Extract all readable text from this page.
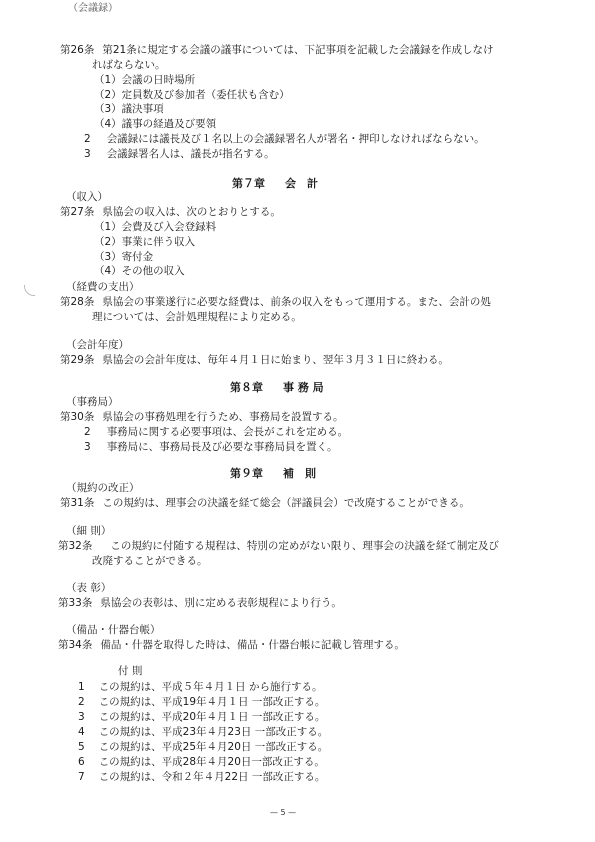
（会議録）
第26条 第21条に規定する会議の議事については、下記事項を記載した会議録を作成しなけ
ればならない。
（1）会議の日時場所
（2）定員数及び参加者（委任状も含む）
（3）議決事項
（4）議事の経過及び要領
2 会議録には議長及び１名以上の会議録署名人が署名・押印しなければならない。
3 会議録署名人は、議長が指名する。
第７章 会　計
（収入）
第27条 県協会の収入は、次のとおりとする。
（1）会費及び入会登録料
（2）事業に伴う収入
（3）寄付金
（4）その他の収入
（経費の支出）
第28条 県協会の事業遂行に必要な経費は、前条の収入をもって運用する。また、会計の処
理については、会計処理規程により定める。
（会計年度）
第29条 県協会の会計年度は、毎年４月１日に始まり、翌年３月３１日に終わる。
第８章 事 務 局
（事務局）
第30条 県協会の事務処理を行うため、事務局を設置する。
2 事務局に関する必要事項は、会長がこれを定める。
3 事務局に、事務局長及び必要な事務局員を置く。
第９章 補　則
（規約の改正）
第31条 この規約は、理事会の決議を経て総会（評議員会）で改廃することができる。
（細 則）
第32条 この規約に付随する規程は、特別の定めがない限り、理事会の決議を経て制定及び
改廃することができる。
（表 彰）
第33条 県協会の表彰は、別に定める表彰規程により行う。
（備品・什器台帳）
第34条 備品・什器を取得した時は、備品・什器台帳に記載し管理する。
付 則
1 この規約は、平成５年４月１日 から施行する。
2 この規約は、平成19年４月１日 一部改正する。
3 この規約は、平成20年４月１日 一部改正する。
4 この規約は、平成23年４月23日 一部改正する。
5 この規約は、平成25年４月20日 一部改正する。
6 この規約は、平成28年４月20日一部改正する。
7 この規約は、令和２年４月22日 一部改正する。
— 5 —
